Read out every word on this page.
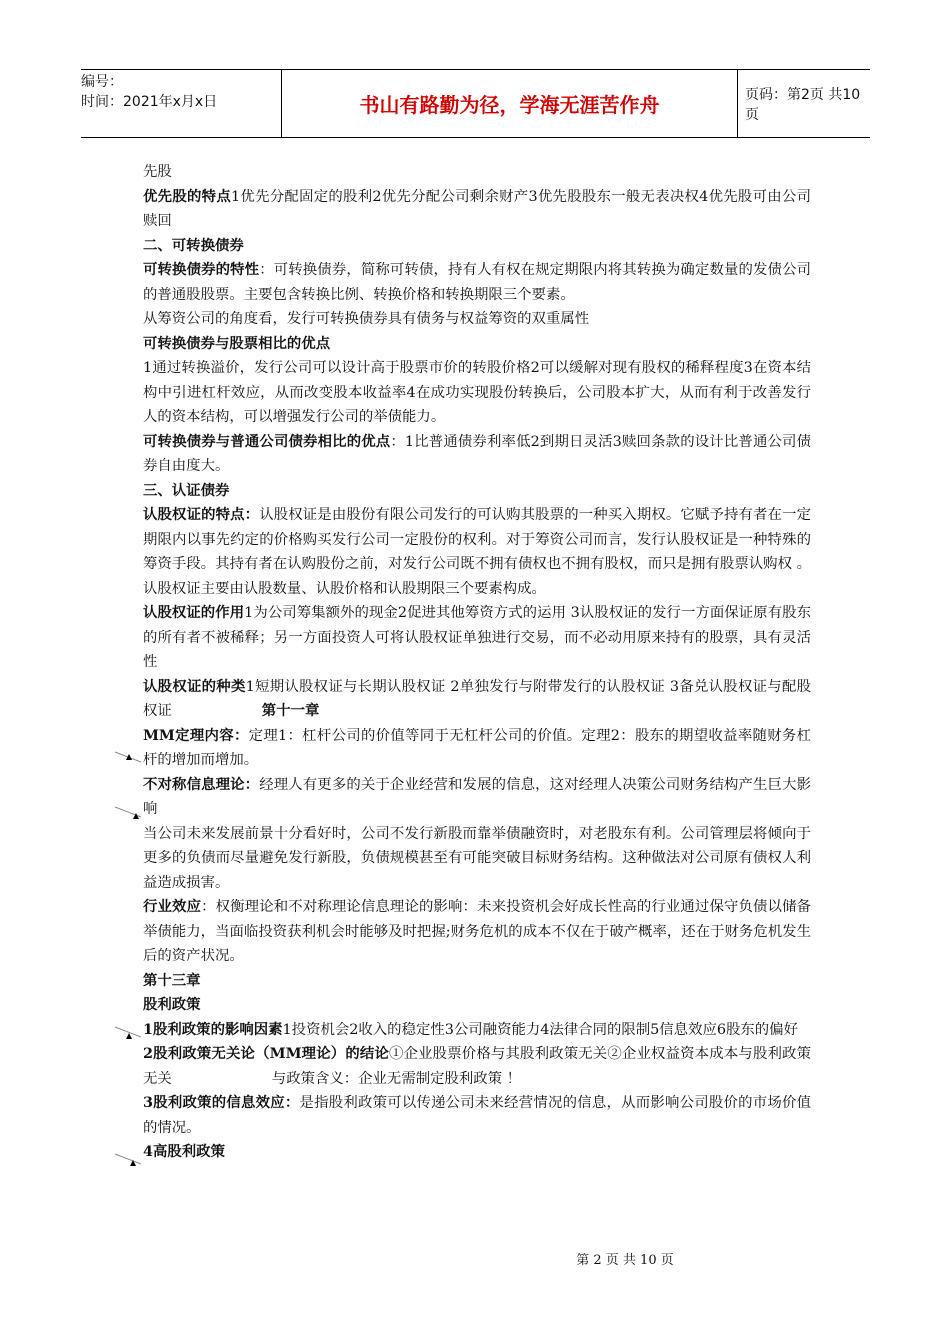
编号：
时间：2021年x月x日	书山有路勤为径，学海无涯苦作舟	页码：第2页 共10页

先股

优先股的特点1优先分配固定的股利2优先分配公司剩余财产3优先股股东一般无表决权4优先股可由公司赎回

二、可转换债券

可转换债券的特性：可转换债券，简称可转债，持有人有权在规定期限内将其转换为确定数量的发债公司的普通股股票。主要包含转换比例、转换价格和转换期限三个要素。

从筹资公司的角度看，发行可转换债券具有债务与权益筹资的双重属性

可转换债券与股票相比的优点

1通过转换溢价，发行公司可以设计高于股票市价的转股价格2可以缓解对现有股权的稀释程度3在资本结构中引进杠杆效应，从而改变股本收益率4在成功实现股份转换后，公司股本扩大，从而有利于改善发行人的资本结构，可以增强发行公司的举债能力。

可转换债券与普通公司债券相比的优点：1比普通债券利率低2到期日灵活3赎回条款的设计比普通公司债券自由度大。

三、认证债券

认股权证的特点：认股权证是由股份有限公司发行的可认购其股票的一种买入期权。它赋予持有者在一定期限内以事先约定的价格购买发行公司一定股份的权利。对于筹资公司而言，发行认股权证是一种特殊的筹资手段。其持有者在认购股份之前，对发行公司既不拥有债权也不拥有股权，而只是拥有股票认购权 。认股权证主要由认股数量、认股价格和认股期限三个要素构成。

认股权证的作用1为公司筹集额外的现金2促进其他筹资方式的运用 3认股权证的发行一方面保证原有股东的所有者不被稀释；另一方面投资人可将认股权证单独进行交易，而不必动用原来持有的股票，具有灵活性

认股权证的种类1短期认股权证与长期认股权证 2单独发行与附带发行的认股权证 3备兑认股权证与配股权证	第十一章

MM定理内容：定理1：杠杆公司的价值等同于无杠杆公司的价值。定理2：股东的期望收益率随财务杠杆的增加而增加。

不对称信息理论：经理人有更多的关于企业经营和发展的信息，这对经理人决策公司财务结构产生巨大影响

当公司未来发展前景十分看好时，公司不发行新股而靠举债融资时，对老股东有利。公司管理层将倾向于更多的负债而尽量避免发行新股，负债规模甚至有可能突破目标财务结构。这种做法对公司原有债权人利益造成损害。

行业效应：权衡理论和不对称理论信息理论的影响：未来投资机会好成长性高的行业通过保守负债以储备举债能力，当面临投资获利机会时能够及时把握;财务危机的成本不仅在于破产概率，还在于财务危机发生后的资产状况。

第十三章

股利政策

1股利政策的影响因素1投资机会2收入的稳定性3公司融资能力4法律合同的限制5信息效应6股东的偏好

2股利政策无关论（MM理论）的结论①企业股票价格与其股利政策无关②企业权益资本成本与股利政策无关	与政策含义：企业无需制定股利政策 ！

3股利政策的信息效应：是指股利政策可以传递公司未来经营情况的信息，从而影响公司股价的市场价值的情况。

4高股利政策

第 2 页 共 10 页
